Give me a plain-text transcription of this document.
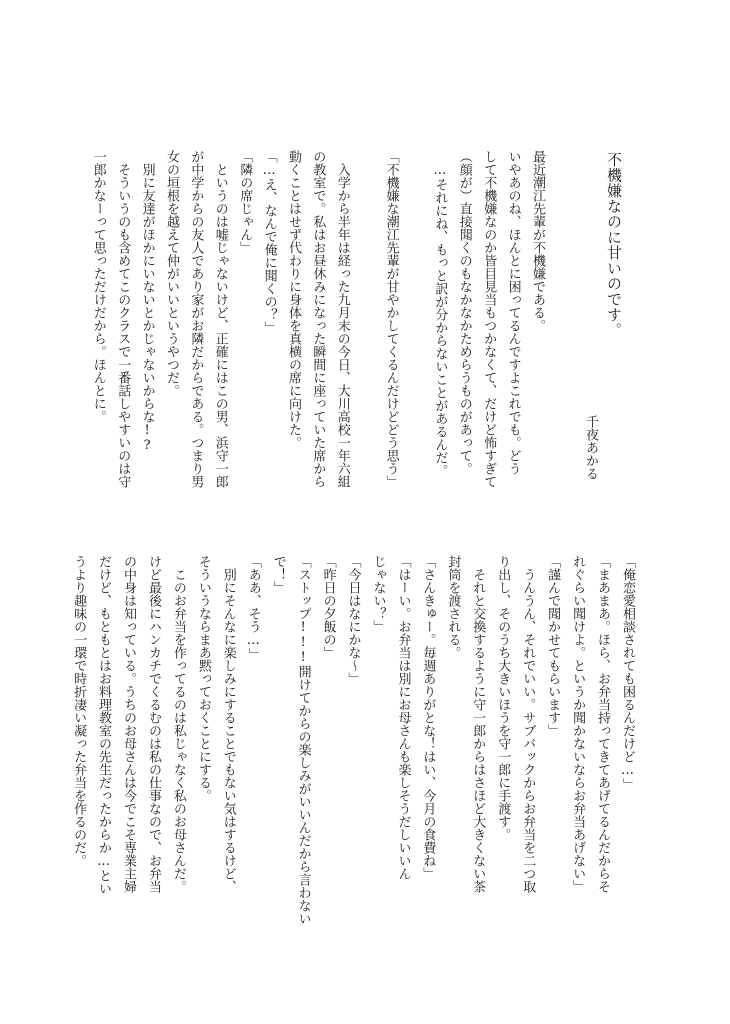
不機嫌なのに甘いのです。
千夜あかる
最近潮江先輩が不機嫌である。
いやあのね、ほんとに困ってるんですよこれでも。どう
して不機嫌なのか皆目見当もつかなくて、だけど怖すぎて
（顔が）直接聞くのもなかなかためらうものがあって。
　…それにね、もっと訳が分からないことがあるんだ。
「不機嫌な潮江先輩が甘やかしてくるんだけどどう思う」
　入学から半年は経った九月末の今日、大川高校一年六組
の教室で。私はお昼休みになった瞬間に座っていた席から
動くことはせず代わりに身体を真横の席に向けた。
「…え、なんで俺に聞くの？」
「隣の席じゃん」
　というのは嘘じゃないけど、正確にはこの男、浜守一郎
が中学からの友人であり家がお隣だからである。つまり男
女の垣根を越えて仲がいいというやつだ。
　別に友達がほかにいないとかじゃないからな!?
　そういうのも含めてこのクラスで一番話しやすいのは守
一郎かなーって思っただけだから。ほんとに。
「俺恋愛相談されても困るんだけど…」
「まあまあ。ほら、お弁当持ってきてあげてるんだからそ
れぐらい聞けよ。というか聞かないならお弁当あげない」
「謹んで聞かせてもらいます」
　うんうん、それでいい。サブバックからお弁当を二つ取
り出し、そのうち大きいほうを守一郎に手渡す。
　それと交換するように守一郎からはさほど大きくない茶
封筒を渡される。
「さんきゅー。毎週ありがとな！はい、今月の食費ね」
「はーい。お弁当は別にお母さんも楽しそうだしいいん
じゃない？」
「今日はなにかな～」
「昨日の夕飯の」
「ストップ!!!開けてからの楽しみがいいんだから言わない
で！」
「ああ、そう…」
　別にそんなに楽しみにすることでもない気はするけど、
そういうならまあ黙っておくことにする。
　このお弁当を作ってるのは私じゃなく私のお母さんだ。
けど最後にハンカチでくるむのは私の仕事なので、お弁当
の中身は知っている。うちのお母さんは今でこそ専業主婦
だけど、もともとはお料理教室の先生だったからか…とい
うより趣味の一環で時折凄い凝った弁当を作るのだ。
